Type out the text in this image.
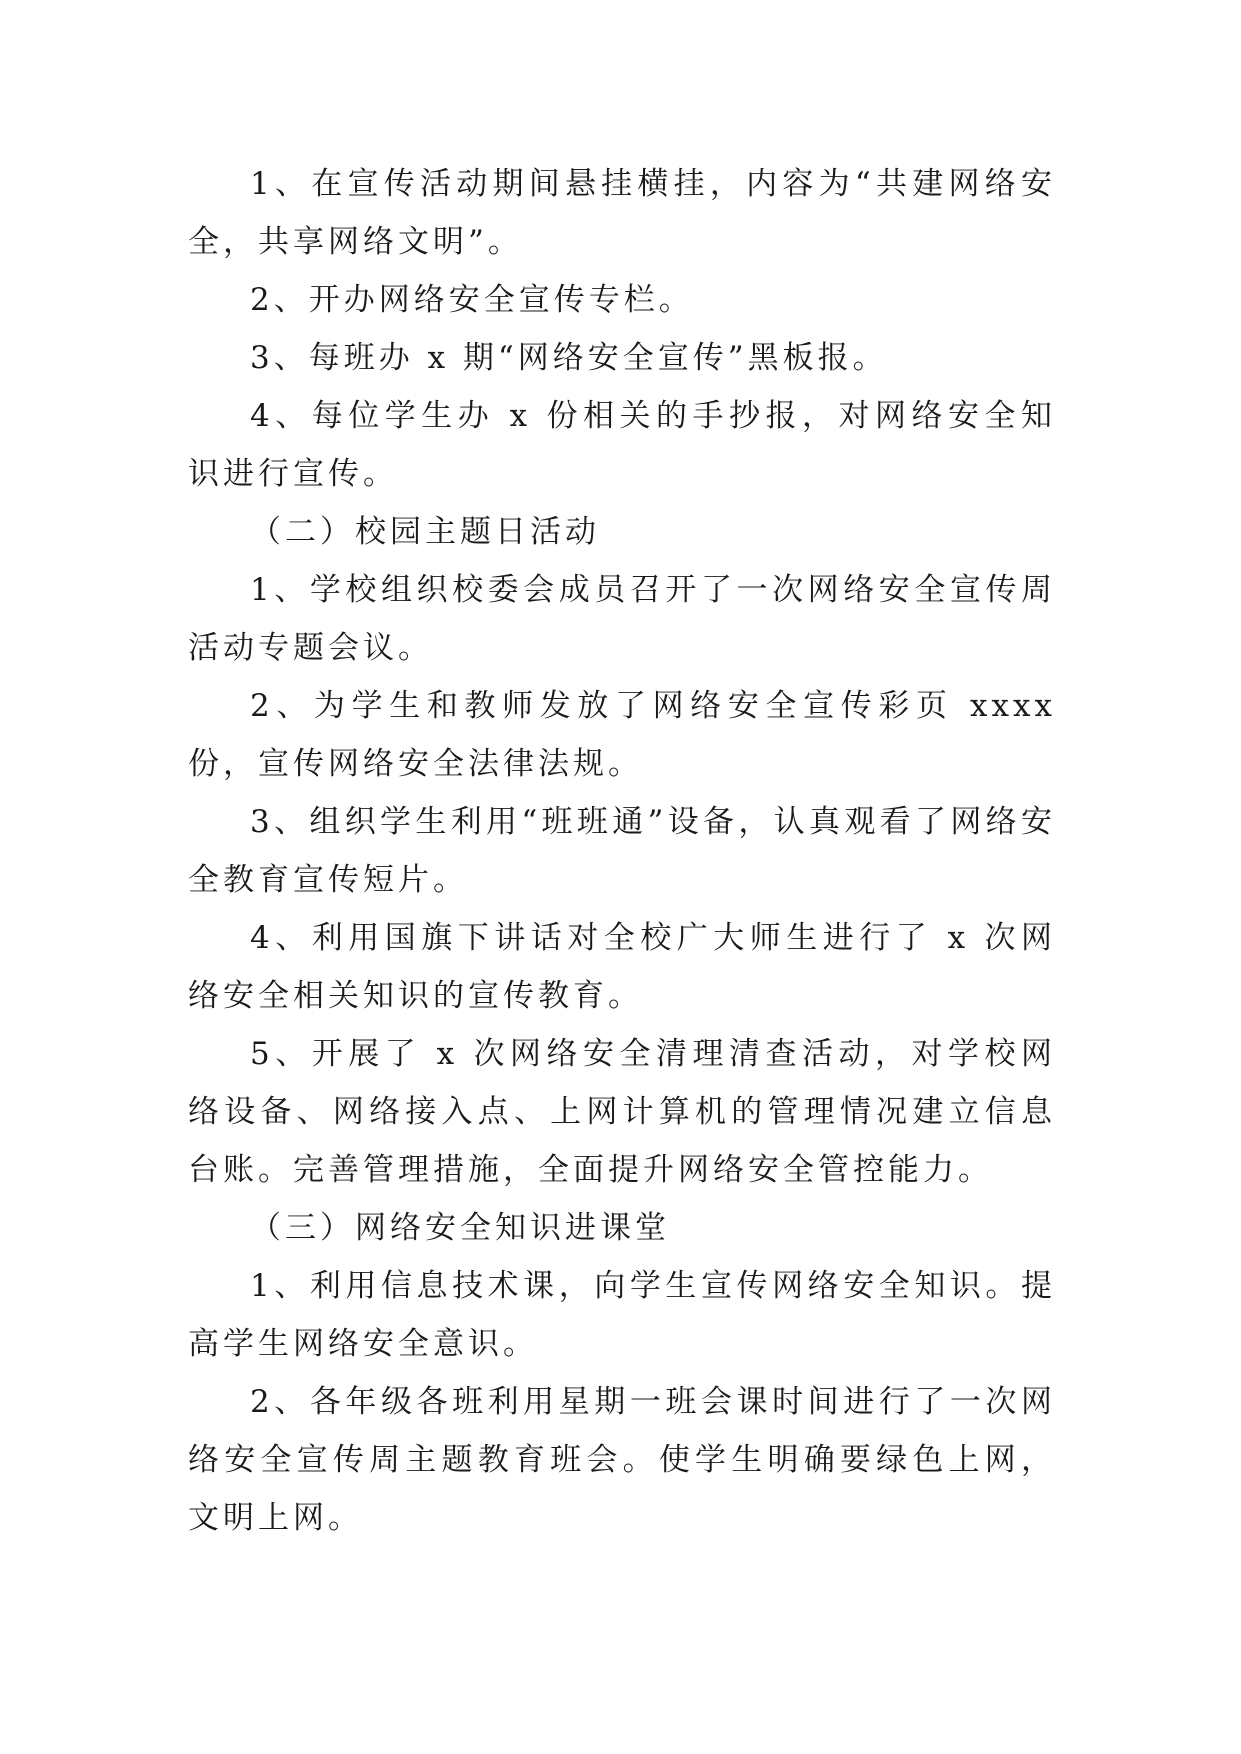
1、在宣传活动期间悬挂横挂，内容为“共建网络安全，共享网络文明”。

2、开办网络安全宣传专栏。

3、每班办 x 期“网络安全宣传”黑板报。

4、每位学生办 x 份相关的手抄报，对网络安全知识进行宣传。

（二）校园主题日活动

1、学校组织校委会成员召开了一次网络安全宣传周活动专题会议。

2、为学生和教师发放了网络安全宣传彩页 xxxx 份，宣传网络安全法律法规。

3、组织学生利用“班班通”设备，认真观看了网络安全教育宣传短片。

4、利用国旗下讲话对全校广大师生进行了 x 次网络安全相关知识的宣传教育。

5、开展了 x 次网络安全清理清查活动，对学校网络设备、网络接入点、上网计算机的管理情况建立信息台账。完善管理措施，全面提升网络安全管控能力。

（三）网络安全知识进课堂

1、利用信息技术课，向学生宣传网络安全知识。提高学生网络安全意识。

2、各年级各班利用星期一班会课时间进行了一次网络安全宣传周主题教育班会。使学生明确要绿色上网，文明上网。
